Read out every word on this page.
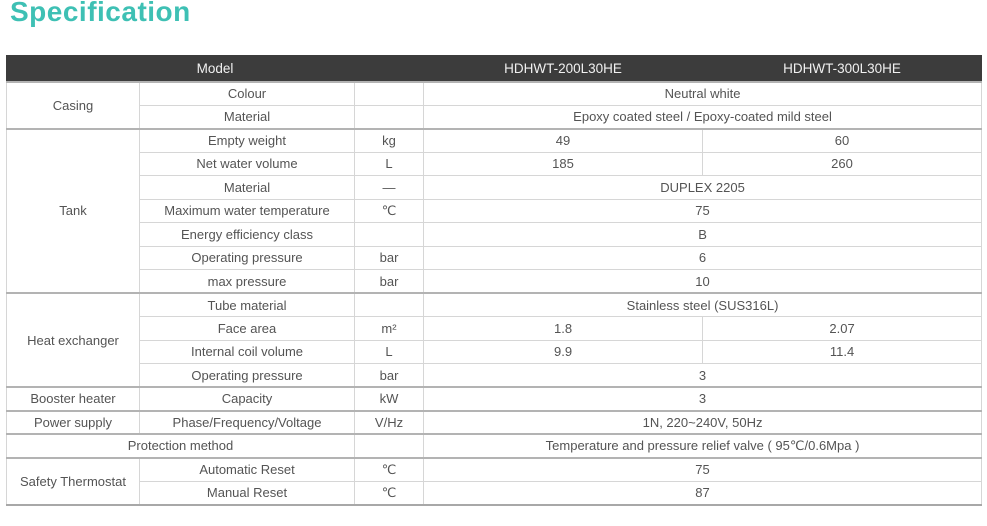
Specification
Model			HDHWT-200L30HE	HDHWT-300L30HE
Casing	Colour		Neutral white	
	Material		Epoxy coated steel / Epoxy-coated mild steel	
Tank	Empty weight	kg	49	60
	Net water volume	L	185	260
	Material	—	DUPLEX 2205	
	Maximum water temperature	℃	75	
	Energy efficiency class		B	
	Operating pressure	bar	6	
	max pressure	bar	10	
Heat exchanger	Tube material		Stainless steel (SUS316L)	
	Face area	m²	1.8	2.07
	Internal coil volume	L	9.9	11.4
	Operating pressure	bar	3	
Booster heater	Capacity	kW	3	
Power supply	Phase/Frequency/Voltage	V/Hz	1N, 220~240V, 50Hz	
Protection method			Temperature and pressure relief valve ( 95℃/0.6Mpa )	
Safety Thermostat	Automatic Reset	℃	75	
	Manual Reset	℃	87	
